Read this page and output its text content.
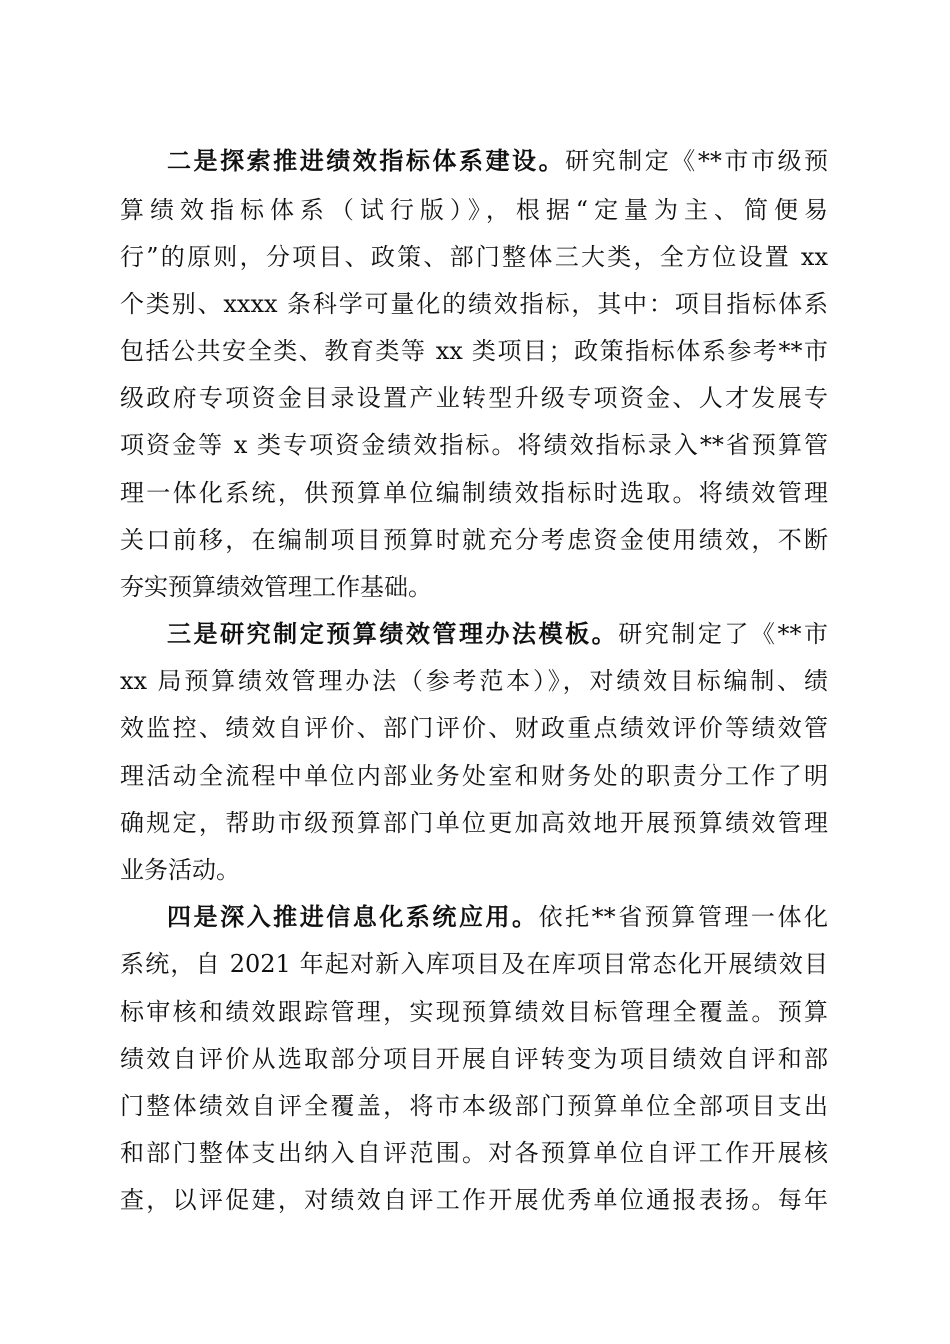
二是探索推进绩效指标体系建设。研究制定《**市市级预
算绩效指标体系（试行版）》，根据“定量为主、简便易
行”的原则，分项目、政策、部门整体三大类，全方位设置 xx
个类别、xxxx 条科学可量化的绩效指标，其中：项目指标体系
包括公共安全类、教育类等 xx 类项目；政策指标体系参考**市
级政府专项资金目录设置产业转型升级专项资金、人才发展专
项资金等 x 类专项资金绩效指标。将绩效指标录入**省预算管
理一体化系统，供预算单位编制绩效指标时选取。将绩效管理
关口前移，在编制项目预算时就充分考虑资金使用绩效，不断
夯实预算绩效管理工作基础。
三是研究制定预算绩效管理办法模板。研究制定了《**市
xx 局预算绩效管理办法（参考范本）》，对绩效目标编制、绩
效监控、绩效自评价、部门评价、财政重点绩效评价等绩效管
理活动全流程中单位内部业务处室和财务处的职责分工作了明
确规定，帮助市级预算部门单位更加高效地开展预算绩效管理
业务活动。
四是深入推进信息化系统应用。依托**省预算管理一体化
系统，自 2021 年起对新入库项目及在库项目常态化开展绩效目
标审核和绩效跟踪管理，实现预算绩效目标管理全覆盖。预算
绩效自评价从选取部分项目开展自评转变为项目绩效自评和部
门整体绩效自评全覆盖，将市本级部门预算单位全部项目支出
和部门整体支出纳入自评范围。对各预算单位自评工作开展核
查，以评促建，对绩效自评工作开展优秀单位通报表扬。每年
